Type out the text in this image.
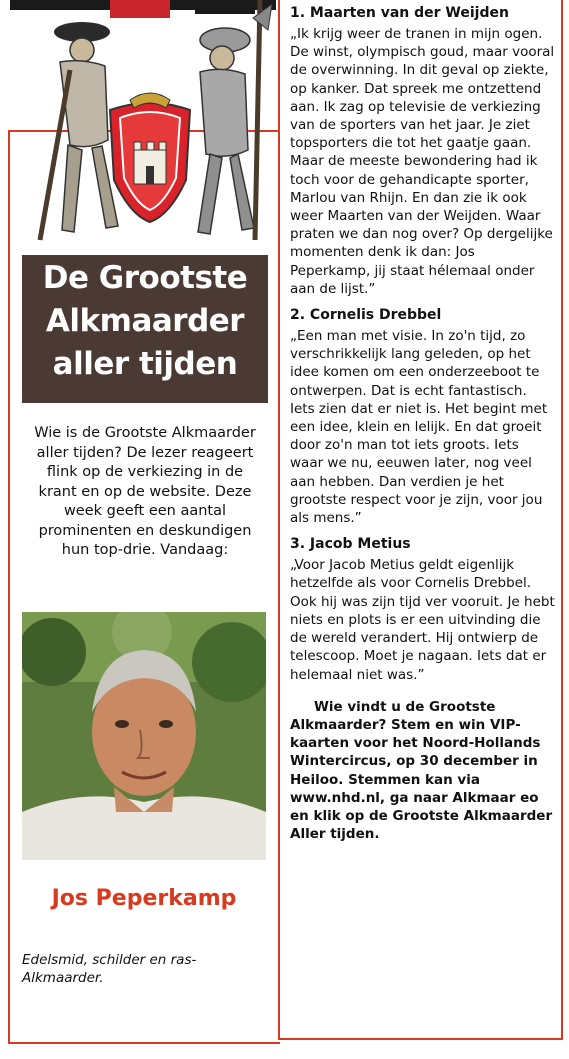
De Grootste
Alkmaarder
aller tijden
Wie is de Grootste Alkmaarder aller tijden? De lezer reageert flink op de verkiezing in de krant en op de website. Deze week geeft een aantal prominenten en deskundigen hun top-drie. Vandaag:
Jos Peperkamp
Edelsmid, schilder en ras-Alkmaarder.
1. Maarten van der Weijden

„Ik krijg weer de tranen in mijn ogen. De winst, olympisch goud, maar vooral de overwinning. In dit geval op ziekte, op kanker. Dat spreek me ontzettend aan. Ik zag op televisie de verkiezing van de sporters van het jaar. Je ziet topsporters die tot het gaatje gaan. Maar de meeste bewondering had ik toch voor de gehandicapte sporter, Marlou van Rhijn. En dan zie ik ook weer Maarten van der Weijden. Waar praten we dan nog over? Op dergelijke momenten denk ik dan: Jos Peperkamp, jij staat hélemaal onder aan de lijst.”

2. Cornelis Drebbel

„Een man met visie. In zo'n tijd, zo verschrikkelijk lang geleden, op het idee komen om een onderzeeboot te ontwerpen. Dat is echt fantastisch. Iets zien dat er niet is. Het begint met een idee, klein en lelijk. En dat groeit door zo'n man tot iets groots. Iets waar we nu, eeuwen later, nog veel aan hebben. Dan verdien je het grootste respect voor je zijn, voor jou als mens.”

3. Jacob Metius

„Voor Jacob Metius geldt eigenlijk hetzelfde als voor Cornelis Drebbel. Ook hij was zijn tijd ver vooruit. Je hebt niets en plots is er een uitvinding die de wereld verandert. Hij ontwierp de telescoop. Moet je nagaan. Iets dat er helemaal niet was.”

Wie vindt u de Grootste Alkmaarder? Stem en win VIP-kaarten voor het Noord-Hollands Wintercircus, op 30 december in Heiloo. Stemmen kan via www.nhd.nl, ga naar Alkmaar eo en klik op de Grootste Alkmaarder Aller tijden.
